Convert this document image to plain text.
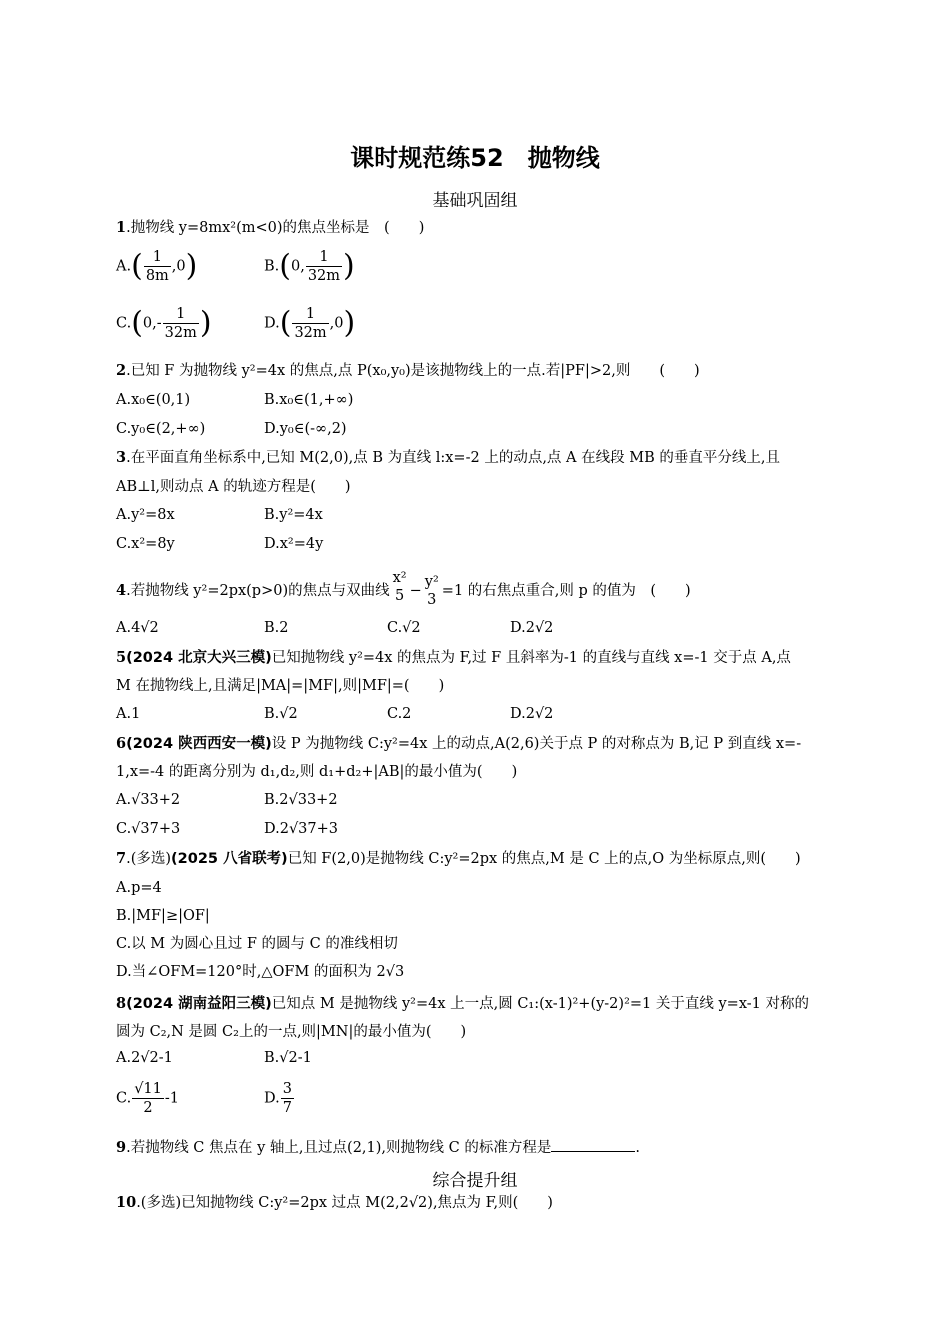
课时规范练52　抛物线
基础巩固组
1.抛物线 y=8mx²(m<0)的焦点坐标是　(　　)
$A.( \frac{1}{8m} ,0)$	B.(0, $\frac{1}{32m}$ )
$C.(0,- \frac{1}{32m}$ )	$D.( \frac{1}{32m} ,0)$
2.已知 F 为抛物线 y²=4x 的焦点,点 P(x₀,y₀)是该抛物线上的一点.若|PF|>2,则　　(　　)
A.x₀∈(0,1)	B.x₀∈(1,+∞)
C.y₀∈(2,+∞)	D.y₀∈(-∞,2)
3.在平面直角坐标系中,已知 M(2,0),点 B 为直线 l:x=-2 上的动点,点 A 在线段 MB 的垂直平分线上,且
AB⊥l,则动点 A 的轨迹方程是(　　)
A.y²=8x	B.y²=4x
C.x²=8y	D.x²=4y
4.若抛物线 y²=2px(p>0)的焦点与双曲线
x²
5 −
y²
3
=1 的右焦点重合,则 p 的值为　(　　)
A.4√2	B.2	C.√2	D.2√2
5(2024 北京大兴三模)已知抛物线 y²=4x 的焦点为 F,过 F 且斜率为-1 的直线与直线 x=-1 交于点 A,点
M 在抛物线上,且满足|MA|=|MF|,则|MF|=(　　)
A.1	B.√2	C.2	D.2√2
6(2024 陕西西安一模)设 P 为抛物线 C:y²=4x 上的动点,A(2,6)关于点 P 的对称点为 B,记 P 到直线 x=-
1,x=-4 的距离分别为 d₁,d₂,则 d₁+d₂+|AB|的最小值为(　　)
A.√33+2	B.2√33+2
C.√37+3	D.2√37+3
7.(多选)(2025 八省联考)已知 F(2,0)是抛物线 C:y²=2px 的焦点,M 是 C 上的点,O 为坐标原点,则(　　)
A.p=4
B.|MF|≥|OF|
C.以 M 为圆心且过 F 的圆与 C 的准线相切
D.当∠OFM=120°时,△OFM 的面积为 2√3
8(2024 湖南益阳三模)已知点 M 是抛物线 y²=4x 上一点,圆 C₁:(x-1)²+(y-2)²=1 关于直线 y=x-1 对称的
圆为 C₂,N 是圆 C₂上的一点,则|MN|的最小值为(　　)
A.2√2-1	B.√2-1
C. $\frac{√11}{2} -1$	D. $\frac{3}{7}$
9.若抛物线 C 焦点在 y 轴上,且过点(2,1),则抛物线 C 的标准方程是	.
综合提升组
10.(多选)已知抛物线 C:y²=2px 过点 M(2,2√2),焦点为 F,则(　　)
